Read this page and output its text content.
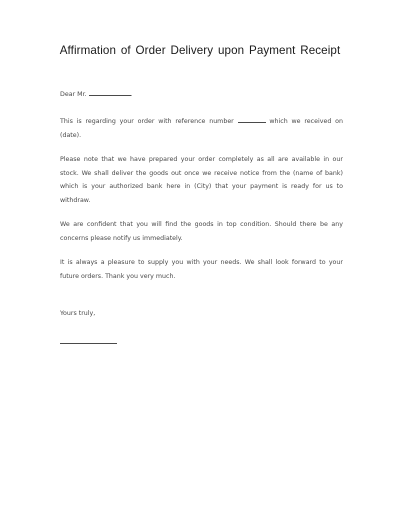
Affirmation of Order Delivery upon Payment Receipt

Dear Mr.	.

This is regarding your order with reference number	which we received on (date).

Please note that we have prepared your order completely as all are available in our stock. We shall deliver the goods out once we receive notice from the (name of bank) which is your authorized bank here in (City) that your payment is ready for us to withdraw.

We are confident that you will find the goods in top condition. Should there be any concerns please notify us immediately.

It is always a pleasure to supply you with your needs. We shall look forward to your future orders. Thank you very much.

Yours truly,
